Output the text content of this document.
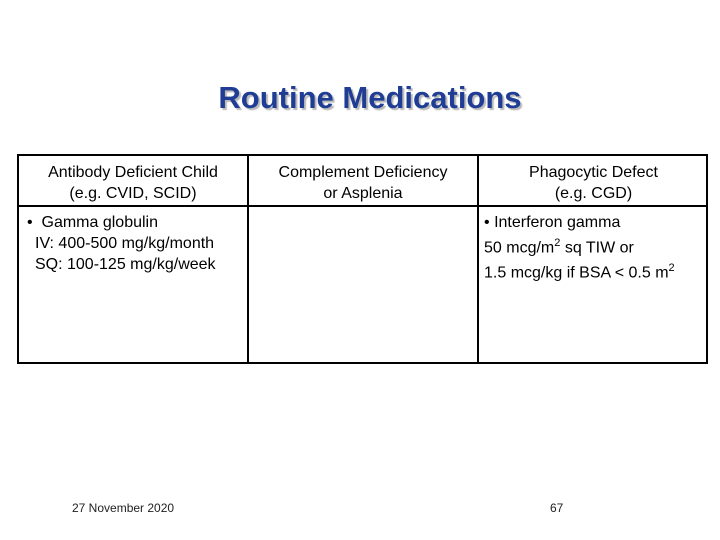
Routine Medications
Antibody Deficient Child
(e.g. CVID, SCID)
Complement Deficiency
or Asplenia
Phagocytic Defect
(e.g. CGD)
• Gamma globulin
IV: 400-500 mg/kg/month
SQ: 100-125 mg/kg/week
• Interferon gamma
50 mcg/$m^2$ sq TIW or
1.5 mcg/kg if BSA < 0.5 $m^2$
27 November 2020	67
